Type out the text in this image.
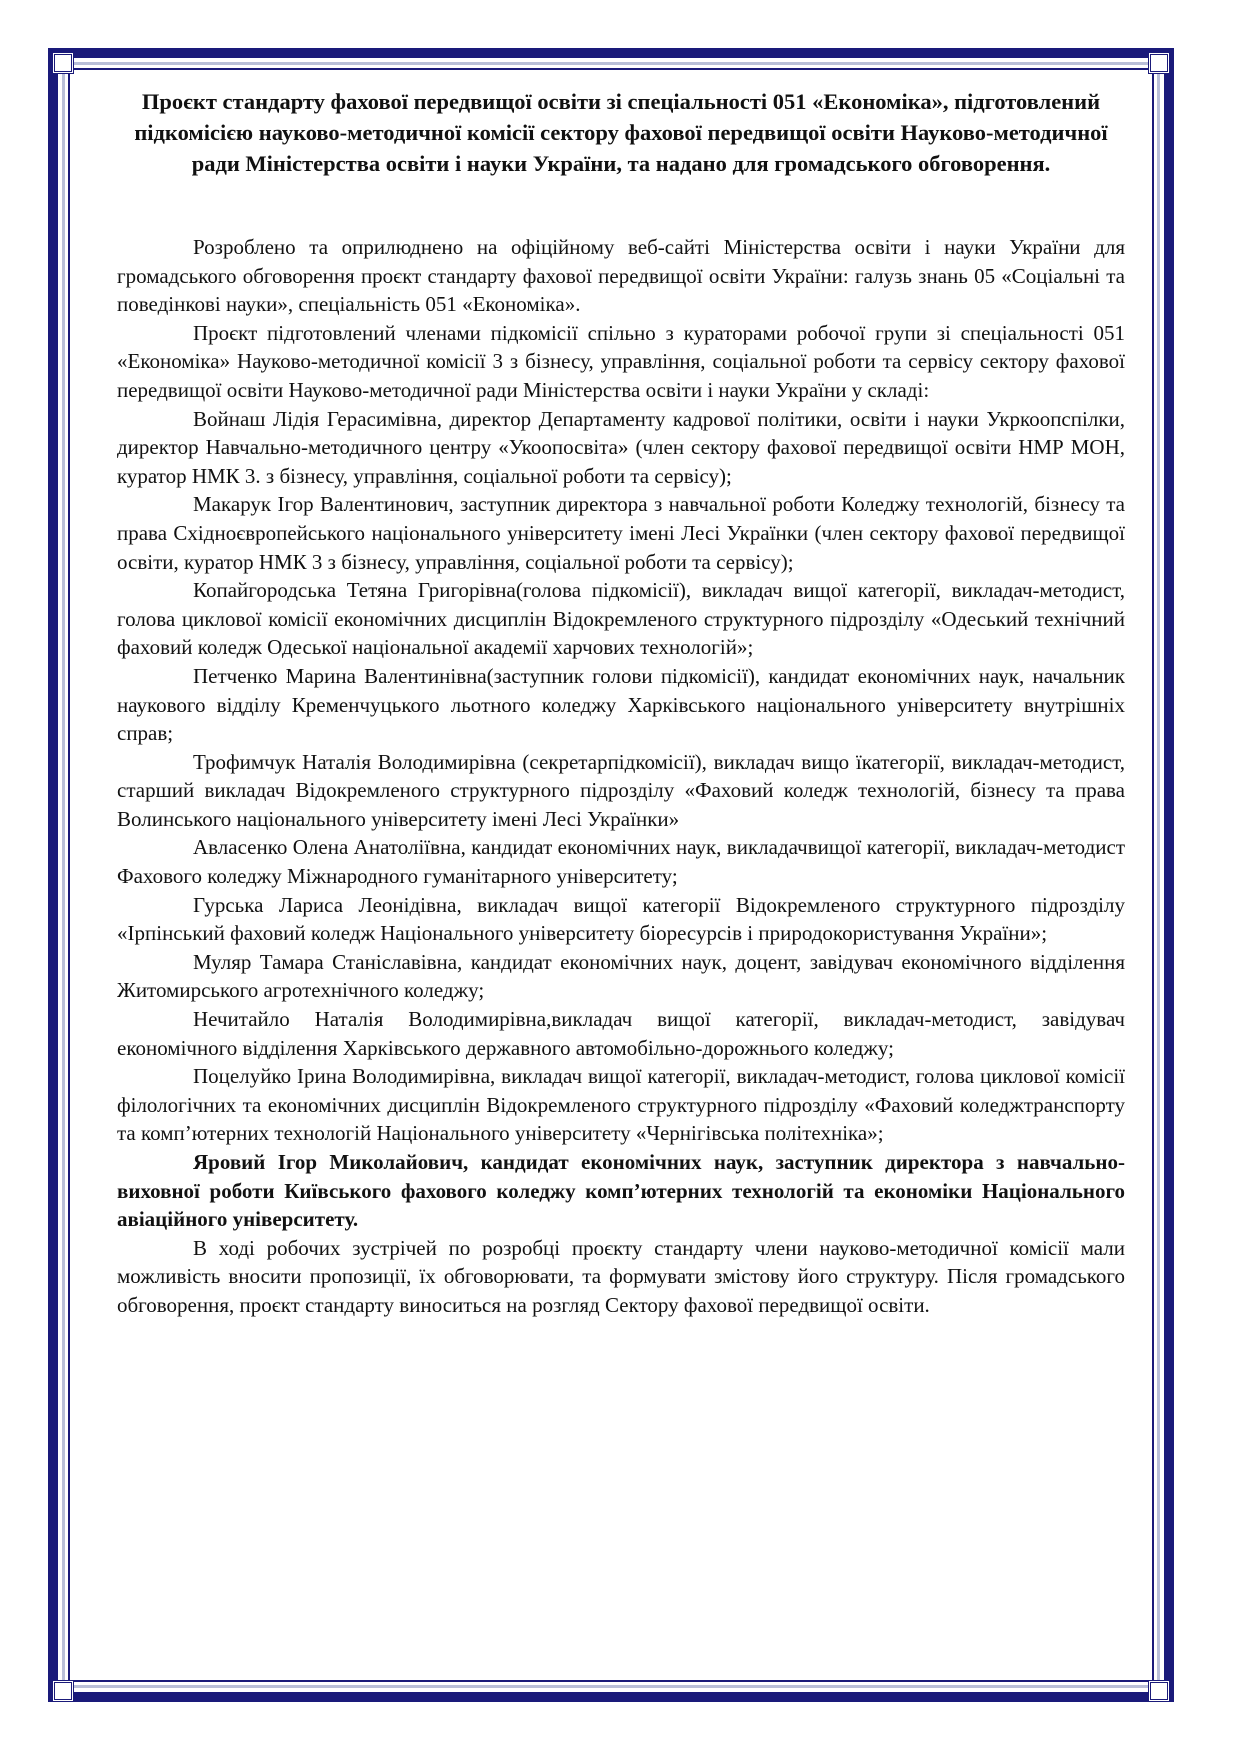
Проєкт стандарту фахової передвищої освіти зі спеціальності 051 «Економіка», підготовлений підкомісією науково-методичної комісії сектору фахової передвищої освіти Науково-методичної ради Міністерства освіти і науки України, та надано для громадського обговорення.

Розроблено та оприлюднено на офіційному веб-сайті Міністерства освіти і науки України для громадського обговорення проєкт стандарту фахової передвищої освіти України: галузь знань 05 «Соціальні та поведінкові науки», спеціальність 051 «Економіка».

Проєкт підготовлений членами підкомісії спільно з кураторами робочої групи зі спеціальності 051 «Економіка» Науково-методичної комісії 3 з бізнесу, управління, соціальної роботи та сервісу сектору фахової передвищої освіти Науково-методичної ради Міністерства освіти і науки України у складі:

Войнаш Лідія Герасимівна, директор Департаменту кадрової політики, освіти і науки Укркоопспілки, директор Навчально-методичного центру «Укоопосвіта» (член сектору фахової передвищої освіти НМР МОН, куратор НМК 3. з бізнесу, управління, соціальної роботи та сервісу);

Макарук Ігор Валентинович, заступник директора з навчальної роботи Коледжу технологій, бізнесу та права Східноєвропейського національного університету імені Лесі Українки (член сектору фахової передвищої освіти, куратор НМК 3 з бізнесу, управління, соціальної роботи та сервісу);

Копайгородська Тетяна Григорівна(голова підкомісії), викладач вищої категорії, викладач-методист, голова циклової комісії економічних дисциплін Відокремленого структурного підрозділу «Одеський технічний фаховий коледж Одеської національної академії харчових технологій»;

Петченко Марина Валентинівна(заступник голови підкомісії), кандидат економічних наук, начальник наукового відділу Кременчуцького льотного коледжу Харківського національного університету внутрішніх справ;

Трофимчук Наталія Володимирівна (секретарпідкомісії), викладач вищо їкатегорії, викладач-методист, старший викладач Відокремленого структурного підрозділу «Фаховий коледж технологій, бізнесу та права Волинського національного університету імені Лесі Українки»

Авласенко Олена Анатоліївна, кандидат економічних наук, викладачвищої категорії, викладач-методист Фахового коледжу Міжнародного гуманітарного університету;

Гурська Лариса Леонідівна, викладач вищої категорії Відокремленого структурного підрозділу «Ірпінський фаховий коледж Національного університету біоресурсів і природокористування України»;

Муляр Тамара Станіславівна, кандидат економічних наук, доцент, завідувач економічного відділення Житомирського агротехнічного коледжу;

Нечитайло Наталія Володимирівна,викладач вищої категорії, викладач-методист, завідувач економічного відділення Харківського державного автомобільно-дорожнього коледжу;

Поцелуйко Ірина Володимирівна, викладач вищої категорії, викладач-методист, голова циклової комісії філологічних та економічних дисциплін Відокремленого структурного підрозділу «Фаховий коледжтранспорту та комп’ютерних технологій Національного університету «Чернігівська політехніка»;

Яровий Ігор Миколайович, кандидат економічних наук, заступник директора з навчально-виховної роботи Київського фахового коледжу комп’ютерних технологій та економіки Національного авіаційного університету.

В ході робочих зустрічей по розробці проєкту стандарту члени науково-методичної комісії мали можливість вносити пропозиції, їх обговорювати, та формувати змістову його структуру. Після громадського обговорення, проєкт стандарту виноситься на розгляд Сектору фахової передвищої освіти.
